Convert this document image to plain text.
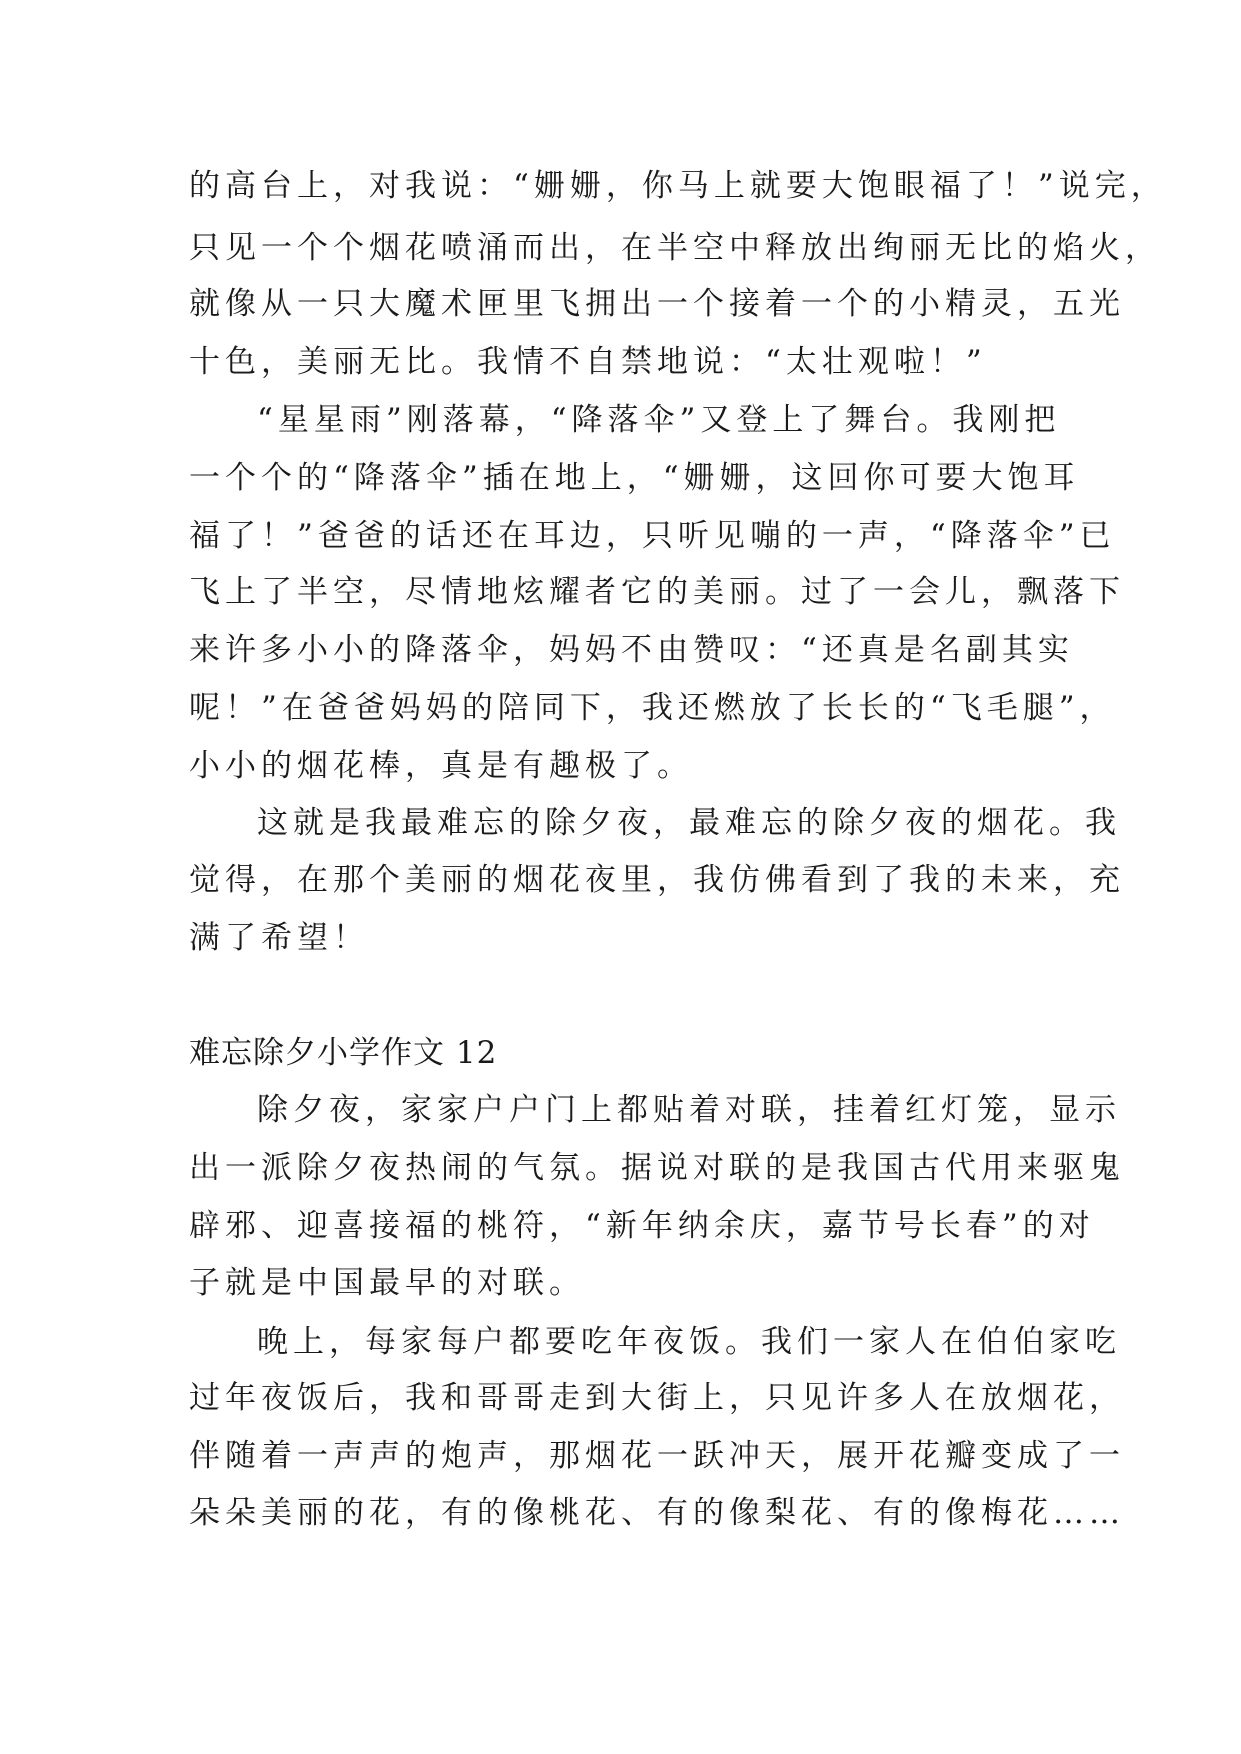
的高台上，对我说：“姗姗，你马上就要大饱眼福了！”说完，
只见一个个烟花喷涌而出，在半空中释放出绚丽无比的焰火，
就像从一只大魔术匣里飞拥出一个接着一个的小精灵，五光
十色，美丽无比。我情不自禁地说：“太壮观啦！”
“星星雨”刚落幕，“降落伞”又登上了舞台。我刚把
一个个的“降落伞”插在地上，“姗姗，这回你可要大饱耳
福了！”爸爸的话还在耳边，只听见嘣的一声，“降落伞”已
飞上了半空，尽情地炫耀者它的美丽。过了一会儿，飘落下
来许多小小的降落伞，妈妈不由赞叹：“还真是名副其实
呢！”在爸爸妈妈的陪同下，我还燃放了长长的“飞毛腿”，
小小的烟花棒，真是有趣极了。
这就是我最难忘的除夕夜，最难忘的除夕夜的烟花。我
觉得，在那个美丽的烟花夜里，我仿佛看到了我的未来，充
满了希望！
难忘除夕小学作文 12
除夕夜，家家户户门上都贴着对联，挂着红灯笼，显示
出一派除夕夜热闹的气氛。据说对联的是我国古代用来驱鬼
辟邪、迎喜接福的桃符，“新年纳余庆，嘉节号长春”的对
子就是中国最早的对联。
晚上，每家每户都要吃年夜饭。我们一家人在伯伯家吃
过年夜饭后，我和哥哥走到大街上，只见许多人在放烟花，
伴随着一声声的炮声，那烟花一跃冲天，展开花瓣变成了一
朵朵美丽的花，有的像桃花、有的像梨花、有的像梅花……
